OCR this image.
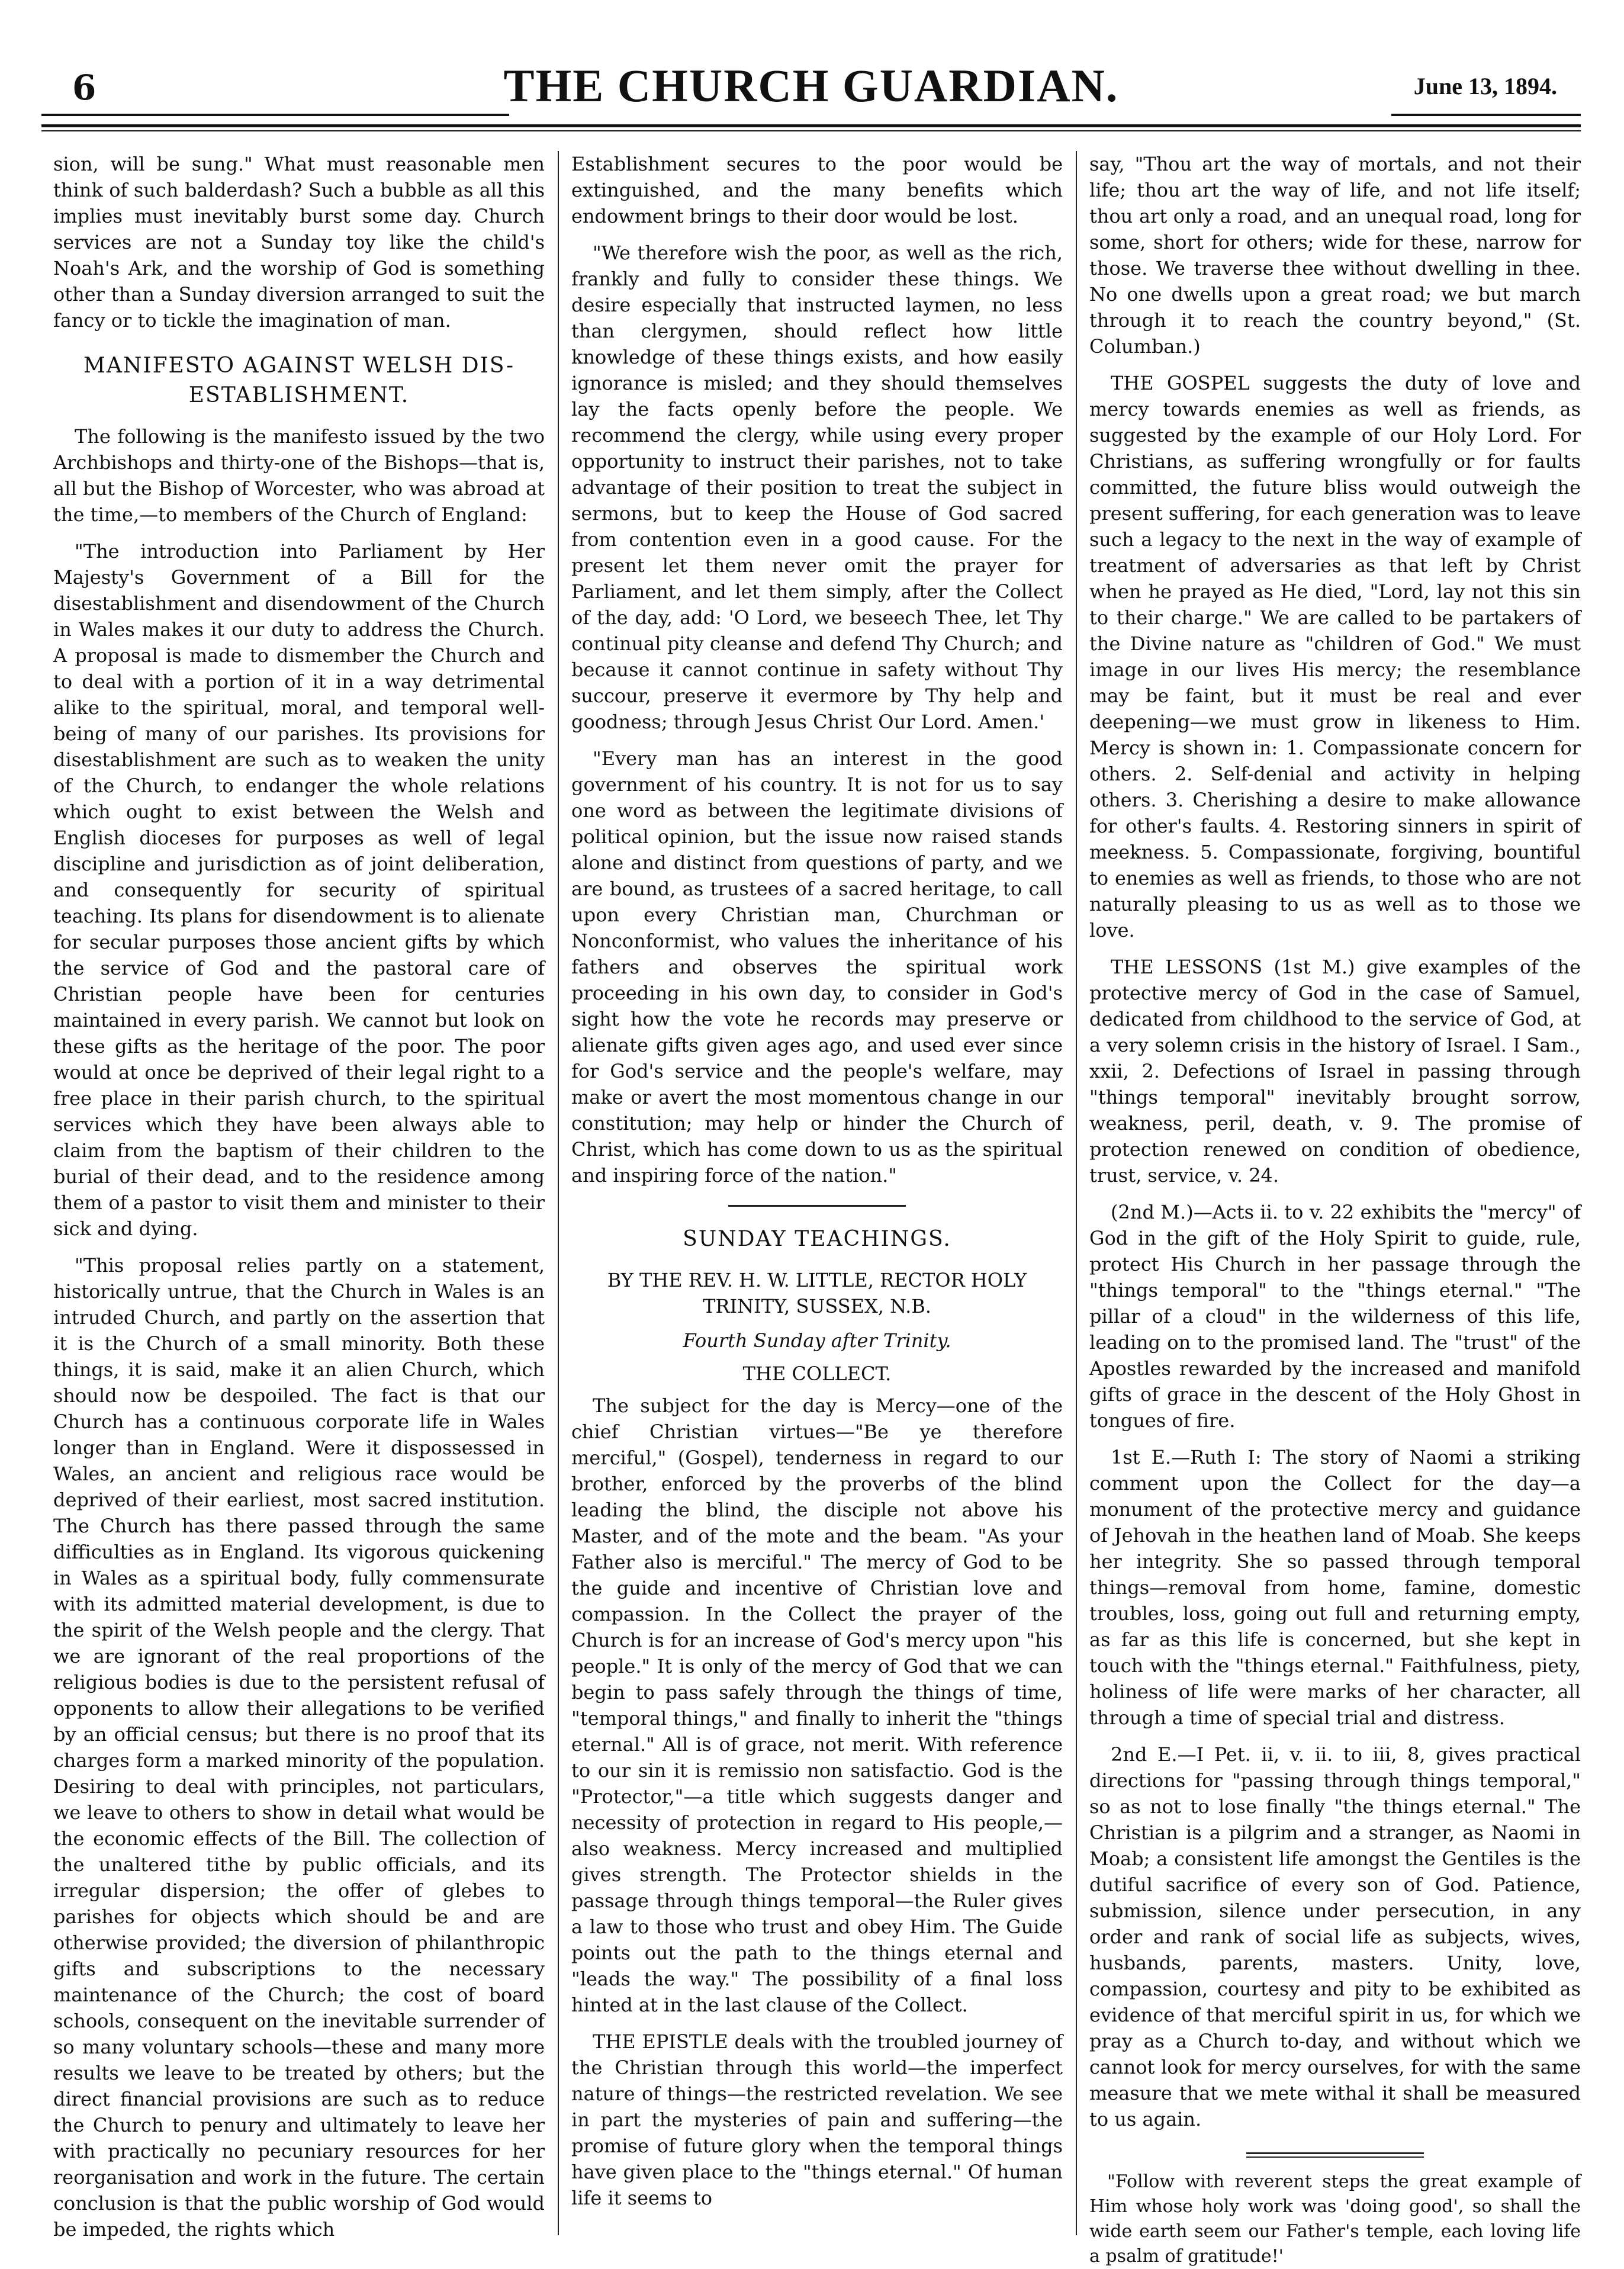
6	THE CHURCH GUARDIAN.	June 13, 1894.

sion, will be sung." What must reasonable men think of such balderdash? Such a bubble as all this implies must inevitably burst some day. Church services are not a Sunday toy like the child's Noah's Ark, and the worship of God is something other than a Sunday diversion arranged to suit the fancy or to tickle the imagination of man.

MANIFESTO AGAINST WELSH DIS-ESTABLISHMENT.

The following is the manifesto issued by the two Archbishops and thirty-one of the Bishops—that is, all but the Bishop of Worcester, who was abroad at the time,—to members of the Church of England:

"The introduction into Parliament by Her Majesty's Government of a Bill for the disestablishment and disendowment of the Church in Wales makes it our duty to address the Church. A proposal is made to dismember the Church and to deal with a portion of it in a way detrimental alike to the spiritual, moral, and temporal well-being of many of our parishes. Its provisions for disestablishment are such as to weaken the unity of the Church, to endanger the whole relations which ought to exist between the Welsh and English dioceses for purposes as well of legal discipline and jurisdiction as of joint deliberation, and consequently for security of spiritual teaching. Its plans for disendowment is to alienate for secular purposes those ancient gifts by which the service of God and the pastoral care of Christian people have been for centuries maintained in every parish. We cannot but look on these gifts as the heritage of the poor. The poor would at once be deprived of their legal right to a free place in their parish church, to the spiritual services which they have been always able to claim from the baptism of their children to the burial of their dead, and to the residence among them of a pastor to visit them and minister to their sick and dying.

"This proposal relies partly on a statement, historically untrue, that the Church in Wales is an intruded Church, and partly on the assertion that it is the Church of a small minority. Both these things, it is said, make it an alien Church, which should now be despoiled. The fact is that our Church has a continuous corporate life in Wales longer than in England. Were it dispossessed in Wales, an ancient and religious race would be deprived of their earliest, most sacred institution. The Church has there passed through the same difficulties as in England. Its vigorous quickening in Wales as a spiritual body, fully commensurate with its admitted material development, is due to the spirit of the Welsh people and the clergy. That we are ignorant of the real proportions of the religious bodies is due to the persistent refusal of opponents to allow their allegations to be verified by an official census; but there is no proof that its charges form a marked minority of the population. Desiring to deal with principles, not particulars, we leave to others to show in detail what would be the economic effects of the Bill. The collection of the unaltered tithe by public officials, and its irregular dispersion; the offer of glebes to parishes for objects which should be and are otherwise provided; the diversion of philanthropic gifts and subscriptions to the necessary maintenance of the Church; the cost of board schools, consequent on the inevitable surrender of so many voluntary schools—these and many more results we leave to be treated by others; but the direct financial provisions are such as to reduce the Church to penury and ultimately to leave her with practically no pecuniary resources for her reorganisation and work in the future. The certain conclusion is that the public worship of God would be impeded, the rights which

Establishment secures to the poor would be extinguished, and the many benefits which endowment brings to their door would be lost.

"We therefore wish the poor, as well as the rich, frankly and fully to consider these things. We desire especially that instructed laymen, no less than clergymen, should reflect how little knowledge of these things exists, and how easily ignorance is misled; and they should themselves lay the facts openly before the people. We recommend the clergy, while using every proper opportunity to instruct their parishes, not to take advantage of their position to treat the subject in sermons, but to keep the House of God sacred from contention even in a good cause. For the present let them never omit the prayer for Parliament, and let them simply, after the Collect of the day, add: 'O Lord, we beseech Thee, let Thy continual pity cleanse and defend Thy Church; and because it cannot continue in safety without Thy succour, preserve it evermore by Thy help and goodness; through Jesus Christ Our Lord. Amen.'

"Every man has an interest in the good government of his country. It is not for us to say one word as between the legitimate divisions of political opinion, but the issue now raised stands alone and distinct from questions of party, and we are bound, as trustees of a sacred heritage, to call upon every Christian man, Churchman or Nonconformist, who values the inheritance of his fathers and observes the spiritual work proceeding in his own day, to consider in God's sight how the vote he records may preserve or alienate gifts given ages ago, and used ever since for God's service and the people's welfare, may make or avert the most momentous change in our constitution; may help or hinder the Church of Christ, which has come down to us as the spiritual and inspiring force of the nation."

SUNDAY TEACHINGS.
BY THE REV. H. W. LITTLE, RECTOR HOLY TRINITY, SUSSEX, N.B.
Fourth Sunday after Trinity.
THE COLLECT.

The subject for the day is Mercy—one of the chief Christian virtues—"Be ye therefore merciful," (Gospel), tenderness in regard to our brother, enforced by the proverbs of the blind leading the blind, the disciple not above his Master, and of the mote and the beam. "As your Father also is merciful." The mercy of God to be the guide and incentive of Christian love and compassion. In the Collect the prayer of the Church is for an increase of God's mercy upon "his people." It is only of the mercy of God that we can begin to pass safely through the things of time, "temporal things," and finally to inherit the "things eternal." All is of grace, not merit. With reference to our sin it is remissio non satisfactio. God is the "Protector,"—a title which suggests danger and necessity of protection in regard to His people,—also weakness. Mercy increased and multiplied gives strength. The Protector shields in the passage through things temporal—the Ruler gives a law to those who trust and obey Him. The Guide points out the path to the things eternal and "leads the way." The possibility of a final loss hinted at in the last clause of the Collect.

THE EPISTLE deals with the troubled journey of the Christian through this world—the imperfect nature of things—the restricted revelation. We see in part the mysteries of pain and suffering—the promise of future glory when the temporal things have given place to the "things eternal." Of human life it seems to

say, "Thou art the way of mortals, and not their life; thou art the way of life, and not life itself; thou art only a road, and an unequal road, long for some, short for others; wide for these, narrow for those. We traverse thee without dwelling in thee. No one dwells upon a great road; we but march through it to reach the country beyond," (St. Columban.)

THE GOSPEL suggests the duty of love and mercy towards enemies as well as friends, as suggested by the example of our Holy Lord. For Christians, as suffering wrongfully or for faults committed, the future bliss would outweigh the present suffering, for each generation was to leave such a legacy to the next in the way of example of treatment of adversaries as that left by Christ when he prayed as He died, "Lord, lay not this sin to their charge." We are called to be partakers of the Divine nature as "children of God." We must image in our lives His mercy; the resemblance may be faint, but it must be real and ever deepening—we must grow in likeness to Him. Mercy is shown in: 1. Compassionate concern for others. 2. Self-denial and activity in helping others. 3. Cherishing a desire to make allowance for other's faults. 4. Restoring sinners in spirit of meekness. 5. Compassionate, forgiving, bountiful to enemies as well as friends, to those who are not naturally pleasing to us as well as to those we love.

THE LESSONS (1st M.) give examples of the protective mercy of God in the case of Samuel, dedicated from childhood to the service of God, at a very solemn crisis in the history of Israel. I Sam., xxii, 2. Defections of Israel in passing through "things temporal" inevitably brought sorrow, weakness, peril, death, v. 9. The promise of protection renewed on condition of obedience, trust, service, v. 24.

(2nd M.)—Acts ii. to v. 22 exhibits the "mercy" of God in the gift of the Holy Spirit to guide, rule, protect His Church in her passage through the "things temporal" to the "things eternal." "The pillar of a cloud" in the wilderness of this life, leading on to the promised land. The "trust" of the Apostles rewarded by the increased and manifold gifts of grace in the descent of the Holy Ghost in tongues of fire.

1st E.—Ruth I: The story of Naomi a striking comment upon the Collect for the day—a monument of the protective mercy and guidance of Jehovah in the heathen land of Moab. She keeps her integrity. She so passed through temporal things—removal from home, famine, domestic troubles, loss, going out full and returning empty, as far as this life is concerned, but she kept in touch with the "things eternal." Faithfulness, piety, holiness of life were marks of her character, all through a time of special trial and distress.

2nd E.—I Pet. ii, v. ii. to iii, 8, gives practical directions for "passing through things temporal," so as not to lose finally "the things eternal." The Christian is a pilgrim and a stranger, as Naomi in Moab; a consistent life amongst the Gentiles is the dutiful sacrifice of every son of God. Patience, submission, silence under persecution, in any order and rank of social life as subjects, wives, husbands, parents, masters. Unity, love, compassion, courtesy and pity to be exhibited as evidence of that merciful spirit in us, for which we pray as a Church to-day, and without which we cannot look for mercy ourselves, for with the same measure that we mete withal it shall be measured to us again.

"Follow with reverent steps the great example of Him whose holy work was 'doing good', so shall the wide earth seem our Father's temple, each loving life a psalm of gratitude!'
